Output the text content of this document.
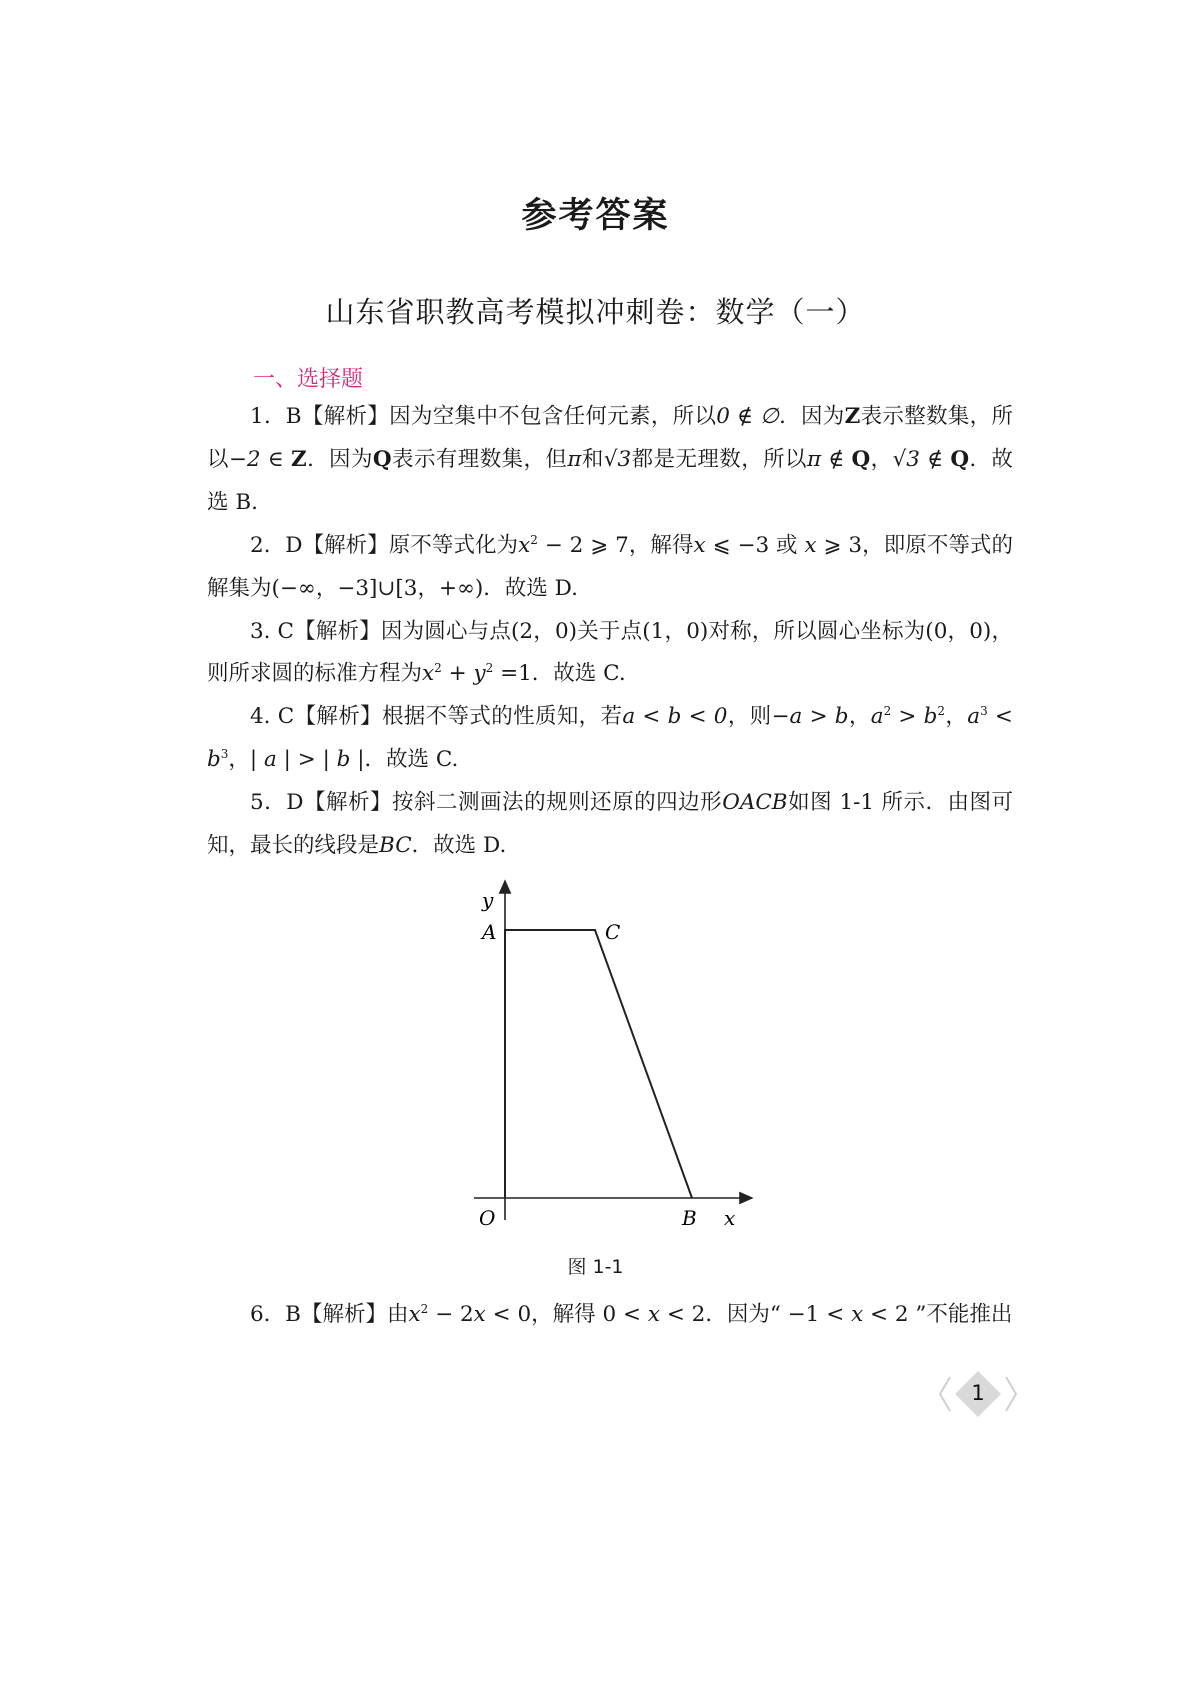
参考答案
山东省职教高考模拟冲刺卷：数学（一）
一、选择题

1．B【解析】因为空集中不包含任何元素，所以0 ∉ ∅．因为Z表示整数集，所以−2 ∈ Z．因为Q表示有理数集，但π和√3都是无理数，所以π ∉ Q，√3 ∉ Q．故选 B.

2．D【解析】原不等式化为$x^2 - 2$ ⩾ 7，解得x ⩽ −3 或 x ⩾ 3，即原不等式的解集为(−∞，−3]∪[3，+∞)．故选 D.

3. C【解析】因为圆心与点(2，0)关于点(1，0)对称，所以圆心坐标为(0，0)，则所求圆的标准方程为$x^2 + y^2 =1$．故选 C.

4. C【解析】根据不等式的性质知，若a < b < 0，则−a > b，$a^2 > b^2$，$a^3 < b^3$，| a | > | b |．故选 C.

5．D【解析】按斜二测画法的规则还原的四边形OACB如图 1-1 所示．由图可知，最长的线段是BC．故选 D.

y
A	C
O	B x
图 1-1

6．B【解析】由$x^2 - 2x < 0$，解得 0 < x < 2．因为“ −1 < x < 2 ”不能推出

1
